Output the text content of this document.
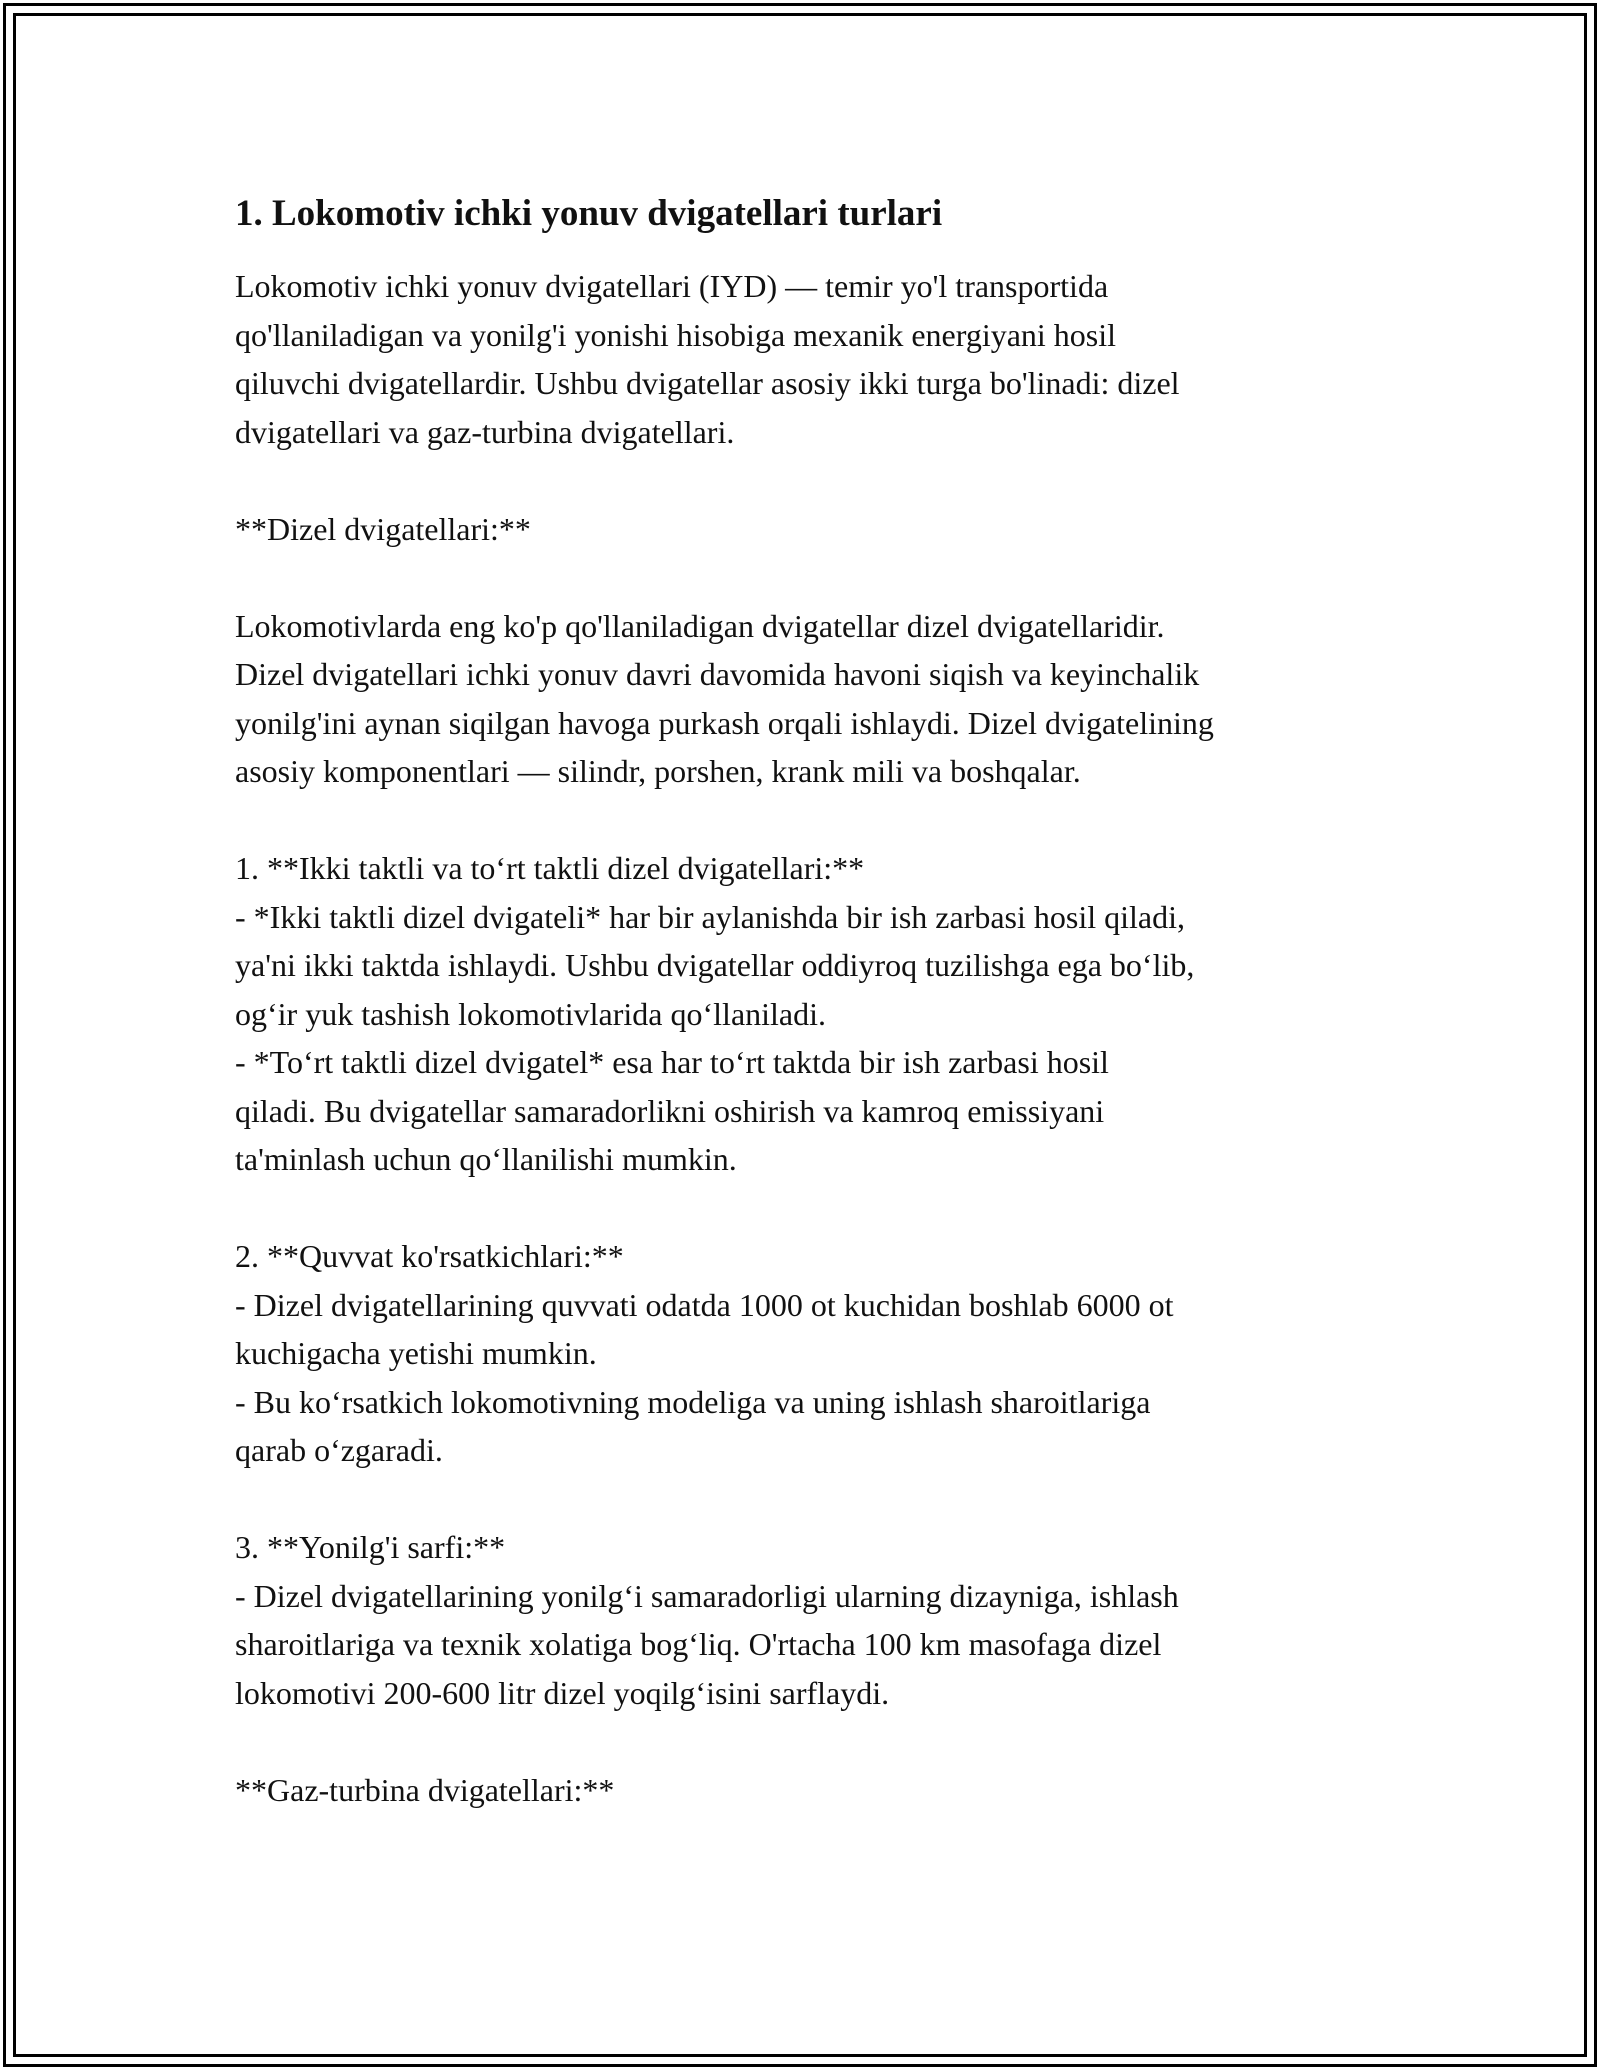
1. Lokomotiv ichki yonuv dvigatellari turlari

Lokomotiv ichki yonuv dvigatellari (IYD) — temir yo'l transportida
qo'llaniladigan va yonilg'i yonishi hisobiga mexanik energiyani hosil
qiluvchi dvigatellardir. Ushbu dvigatellar asosiy ikki turga bo'linadi: dizel
dvigatellari va gaz-turbina dvigatellari.

**Dizel dvigatellari:**

Lokomotivlarda eng ko'p qo'llaniladigan dvigatellar dizel dvigatellaridir.
Dizel dvigatellari ichki yonuv davri davomida havoni siqish va keyinchalik
yonilg'ini aynan siqilgan havoga purkash orqali ishlaydi. Dizel dvigatelining
asosiy komponentlari — silindr, porshen, krank mili va boshqalar.

1. **Ikki taktli va to‘rt taktli dizel dvigatellari:**
- *Ikki taktli dizel dvigateli* har bir aylanishda bir ish zarbasi hosil qiladi,
ya'ni ikki taktda ishlaydi. Ushbu dvigatellar oddiyroq tuzilishga ega bo‘lib,
og‘ir yuk tashish lokomotivlarida qo‘llaniladi.
- *To‘rt taktli dizel dvigatel* esa har to‘rt taktda bir ish zarbasi hosil
qiladi. Bu dvigatellar samaradorlikni oshirish va kamroq emissiyani
ta'minlash uchun qo‘llanilishi mumkin.

2. **Quvvat ko'rsatkichlari:**
- Dizel dvigatellarining quvvati odatda 1000 ot kuchidan boshlab 6000 ot
kuchigacha yetishi mumkin.
- Bu ko‘rsatkich lokomotivning modeliga va uning ishlash sharoitlariga
qarab o‘zgaradi.

3. **Yonilg'i sarfi:**
- Dizel dvigatellarining yonilg‘i samaradorligi ularning dizayniga, ishlash
sharoitlariga va texnik xolatiga bog‘liq. O'rtacha 100 km masofaga dizel
lokomotivi 200-600 litr dizel yoqilg‘isini sarflaydi.

**Gaz-turbina dvigatellari:**
